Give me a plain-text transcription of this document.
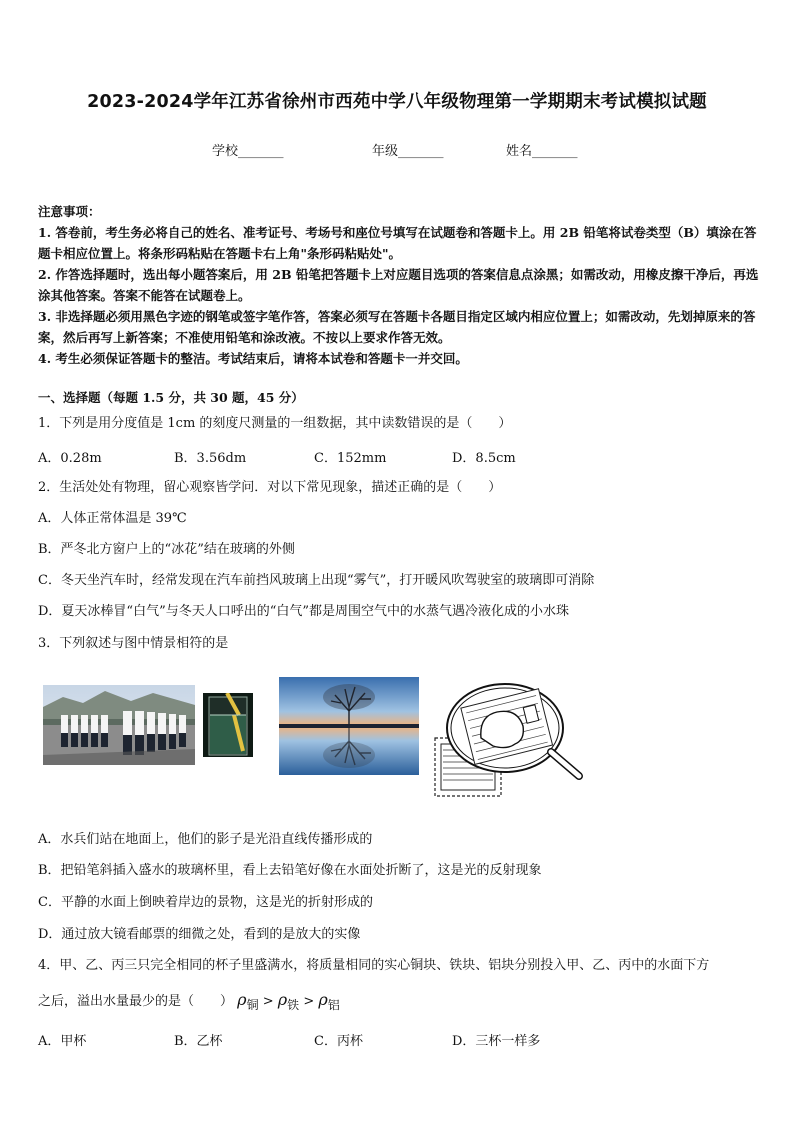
2023-2024学年江苏省徐州市西苑中学八年级物理第一学期期末考试模拟试题
学校_______	年级_______	姓名_______

注意事项：

1. 答卷前，考生务必将自己的姓名、准考证号、考场号和座位号填写在试题卷和答题卡上。用 2B 铅笔将试卷类型（B）填涂在答题卡相应位置上。将条形码粘贴在答题卡右上角"条形码粘贴处"。

2. 作答选择题时，选出每小题答案后，用 2B 铅笔把答题卡上对应题目选项的答案信息点涂黑；如需改动，用橡皮擦干净后，再选涂其他答案。答案不能答在试题卷上。

3. 非选择题必须用黑色字迹的钢笔或签字笔作答，答案必须写在答题卡各题目指定区域内相应位置上；如需改动，先划掉原来的答案，然后再写上新答案；不准使用铅笔和涂改液。不按以上要求作答无效。

4. 考生必须保证答题卡的整洁。考试结束后，请将本试卷和答题卡一并交回。

一、选择题（每题 1.5 分，共 30 题，45 分）
1．下列是用分度值是 1cm 的刻度尺测量的一组数据，其中读数错误的是（　　）
A．0.28m	B．3.56dm	C．152mm	D．8.5cm
2．生活处处有物理，留心观察皆学问．对以下常见现象，描述正确的是（　　）
A．人体正常体温是 39℃
B．严冬北方窗户上的“冰花”结在玻璃的外侧
C．冬天坐汽车时，经常发现在汽车前挡风玻璃上出现“雾气”，打开暖风吹驾驶室的玻璃即可消除
D．夏天冰棒冒“白气”与冬天人口呼出的“白气”都是周围空气中的水蒸气遇冷液化成的小水珠
3．下列叙述与图中情景相符的是
A．水兵们站在地面上，他们的影子是光沿直线传播形成的
B．把铅笔斜插入盛水的玻璃杯里，看上去铅笔好像在水面处折断了，这是光的反射现象
C．平静的水面上倒映着岸边的景物，这是光的折射形成的
D．通过放大镜看邮票的细微之处，看到的是放大的实像
4．甲、乙、丙三只完全相同的杯子里盛满水，将质量相同的实心铜块、铁块、铝块分别投入甲、乙、丙中的水面下方
之后，溢出水量最少的是（　　） $\rho_铜 > \rho_铁 > \rho_铝$
A．甲杯	B．乙杯	C．丙杯	D．三杯一样多
